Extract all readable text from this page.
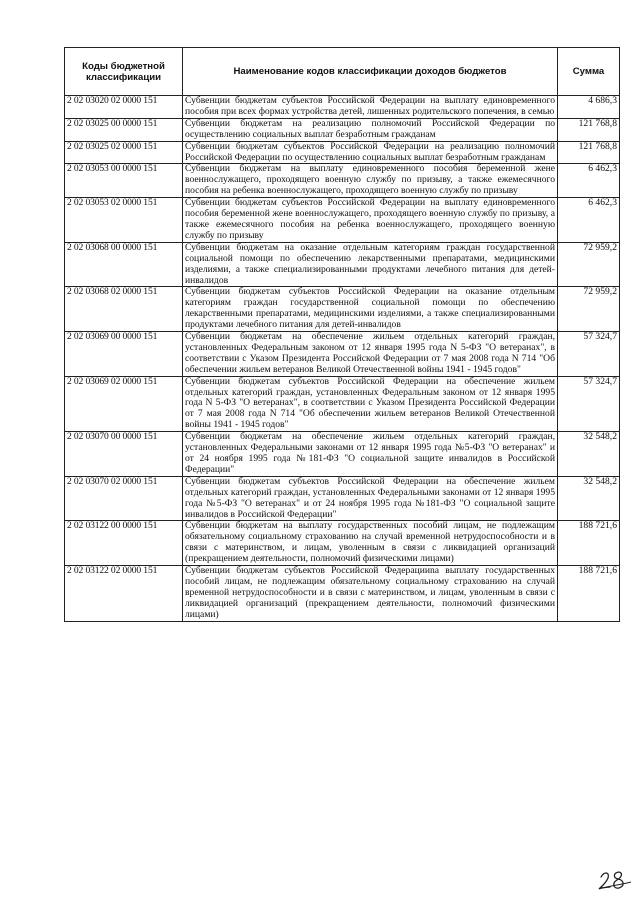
Коды бюджетной классификации	Наименование кодов классификации доходов бюджетов	Сумма
2 02 03020 02 0000 151	Субвенции бюджетам субъектов Российской Федерации на выплату единовременного пособия при всех формах устройства детей, лишенных родительского попечения, в семью	4 686,3
2 02 03025 00 0000 151	Субвенции бюджетам на реализацию полномочий Российской Федерации по осуществлению социальных выплат безработным гражданам	121 768,8
2 02 03025 02 0000 151	Субвенции бюджетам субъектов Российской Федерации на реализацию полномочий Российской Федерации по осуществлению социальных выплат безработным гражданам	121 768,8
2 02 03053 00 0000 151	Субвенции бюджетам на выплату единовременного пособия беременной жене военнослужащего, проходящего военную службу по призыву, а также ежемесячного пособия на ребенка военнослужащего, проходящего военную службу по призыву	6 462,3
2 02 03053 02 0000 151	Субвенции бюджетам субъектов Российской Федерации на выплату единовременного пособия беременной жене военнослужащего, проходящего военную службу по призыву, а также ежемесячного пособия на ребенка военнослужащего, проходящего военную службу по призыву	6 462,3
2 02 03068 00 0000 151	Субвенции бюджетам на оказание отдельным категориям граждан государственной социальной помощи по обеспечению лекарственными препаратами, медицинскими изделиями, а также специализированными продуктами лечебного питания для детей-инвалидов	72 959,2
2 02 03068 02 0000 151	Субвенции бюджетам субъектов Российской Федерации на оказание отдельным категориям граждан государственной социальной помощи по обеспечению лекарственными препаратами, медицинскими изделиями, а также специализированными продуктами лечебного питания для детей-инвалидов	72 959,2
2 02 03069 00 0000 151	Субвенции бюджетам на обеспечение жильем отдельных категорий граждан, установленных Федеральным законом от 12 января 1995 года N 5-ФЗ "О ветеранах", в соответствии с Указом Президента Российской Федерации от 7 мая 2008 года N 714 "Об обеспечении жильем ветеранов Великой Отечественной войны 1941 - 1945 годов"	57 324,7
2 02 03069 02 0000 151	Субвенции бюджетам субъектов Российской Федерации на обеспечение жильем отдельных категорий граждан, установленных Федеральным законом от 12 января 1995 года N 5-ФЗ "О ветеранах", в соответствии с Указом Президента Российской Федерации от 7 мая 2008 года N 714 "Об обеспечении жильем ветеранов Великой Отечественной войны 1941 - 1945 годов"	57 324,7
2 02 03070 00 0000 151	Субвенции бюджетам на обеспечение жильем отдельных категорий граждан, установленных Федеральными законами от 12 января 1995 года №5-ФЗ "О ветеранах" и от 24 ноября 1995 года №181-ФЗ "О социальной защите инвалидов в Российской Федерации"	32 548,2
2 02 03070 02 0000 151	Субвенции бюджетам субъектов Российской Федерации на обеспечение жильем отдельных категорий граждан, установленных Федеральными законами от 12 января 1995 года №5-ФЗ "О ветеранах" и от 24 ноября 1995 года №181-ФЗ "О социальной защите инвалидов в Российской Федерации"	32 548,2
2 02 03122 00 0000 151	Субвенции бюджетам на выплату государственных пособий лицам, не подлежащим обязательному социальному страхованию на случай временной нетрудоспособности и в связи с материнством, и лицам, уволенным в связи с ликвидацией организаций (прекращением деятельности, полномочий физическими лицами)	188 721,6
2 02 03122 02 0000 151	Субвенции бюджетам субъектов Российской Федерацииna выплату государственных пособий лицам, не подлежащим обязательному социальному страхованию на случай временной нетрудоспособности и в связи с материнством, и лицам, уволенным в связи с ликвидацией организаций (прекращением деятельности, полномочий физическими лицами)	188 721,6
